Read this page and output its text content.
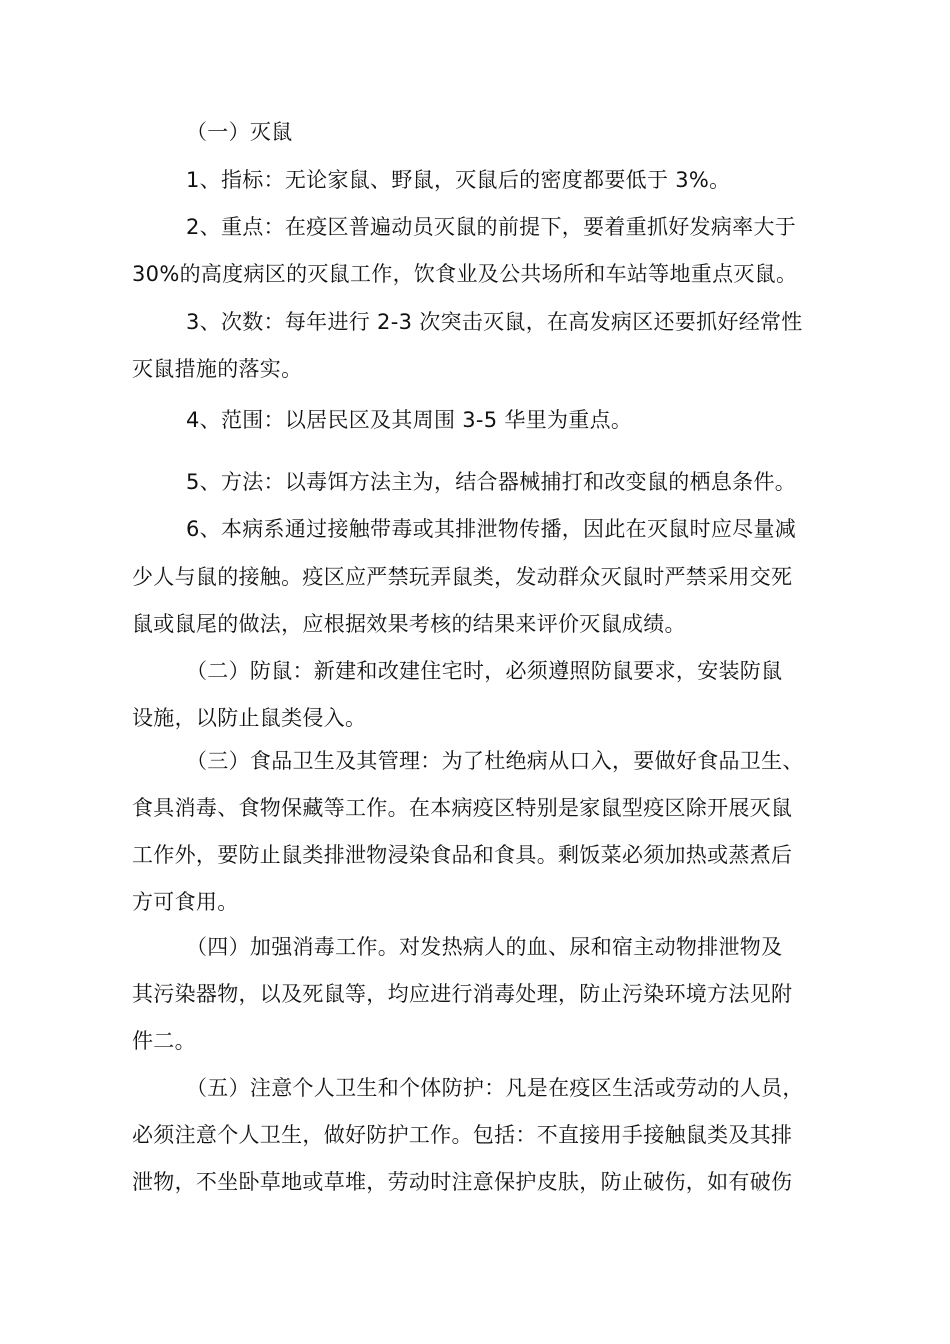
（一）灭鼠
1、指标：无论家鼠、野鼠，灭鼠后的密度都要低于 3%。
2、重点：在疫区普遍动员灭鼠的前提下，要着重抓好发病率大于
30%的高度病区的灭鼠工作，饮食业及公共场所和车站等地重点灭鼠。
3、次数：每年进行 2-3 次突击灭鼠，在高发病区还要抓好经常性
灭鼠措施的落实。
4、范围：以居民区及其周围 3-5 华里为重点。
5、方法：以毒饵方法主为，结合器械捕打和改变鼠的栖息条件。
6、本病系通过接触带毒或其排泄物传播，因此在灭鼠时应尽量减
少人与鼠的接触。疫区应严禁玩弄鼠类，发动群众灭鼠时严禁采用交死
鼠或鼠尾的做法，应根据效果考核的结果来评价灭鼠成绩。
（二）防鼠：新建和改建住宅时，必须遵照防鼠要求，安装防鼠
设施，以防止鼠类侵入。
（三）食品卫生及其管理：为了杜绝病从口入，要做好食品卫生、
食具消毒、食物保藏等工作。在本病疫区特别是家鼠型疫区除开展灭鼠
工作外，要防止鼠类排泄物浸染食品和食具。剩饭菜必须加热或蒸煮后
方可食用。
（四）加强消毒工作。对发热病人的血、尿和宿主动物排泄物及
其污染器物，以及死鼠等，均应进行消毒处理，防止污染环境方法见附
件二。
（五）注意个人卫生和个体防护：凡是在疫区生活或劳动的人员，
必须注意个人卫生，做好防护工作。包括：不直接用手接触鼠类及其排
泄物，不坐卧草地或草堆，劳动时注意保护皮肤，防止破伤，如有破伤
